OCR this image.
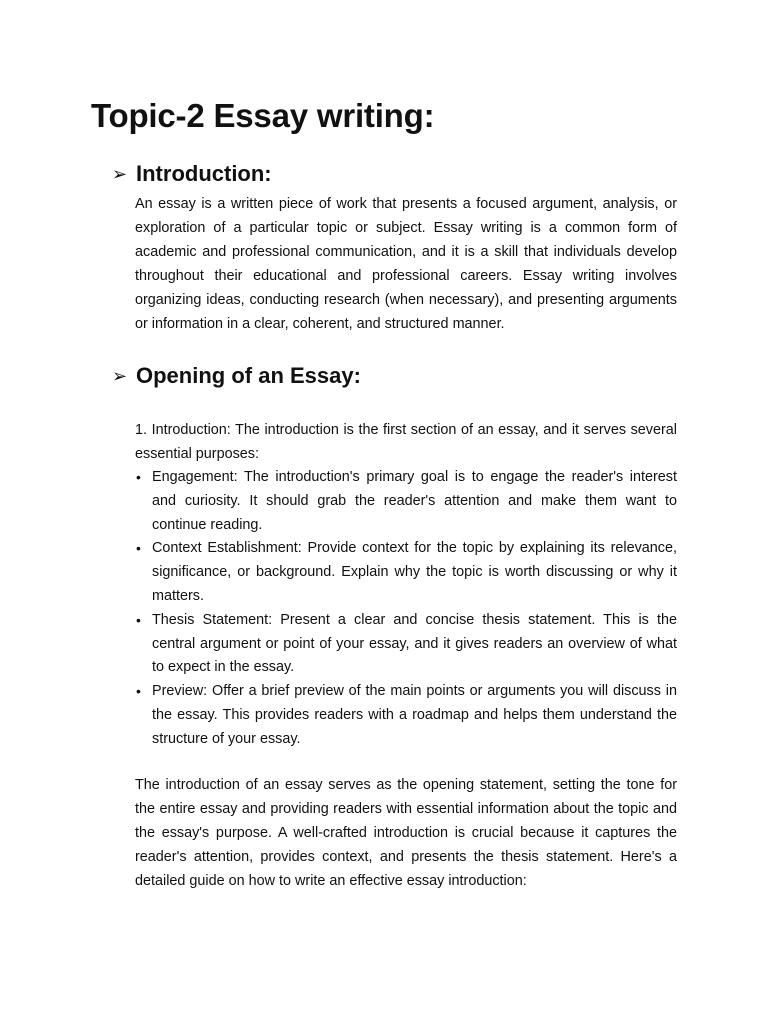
Topic-2 Essay writing:
➢ Introduction:

An essay is a written piece of work that presents a focused argument, analysis, or exploration of a particular topic or subject. Essay writing is a common form of academic and professional communication, and it is a skill that individuals develop throughout their educational and professional careers. Essay writing involves organizing ideas, conducting research (when necessary), and presenting arguments or information in a clear, coherent, and structured manner.

➢ Opening of an Essay:

1. Introduction: The introduction is the first section of an essay, and it serves several essential purposes:

• Engagement: The introduction's primary goal is to engage the reader's interest and curiosity. It should grab the reader's attention and make them want to continue reading.
• Context Establishment: Provide context for the topic by explaining its relevance, significance, or background. Explain why the topic is worth discussing or why it matters.
• Thesis Statement: Present a clear and concise thesis statement. This is the central argument or point of your essay, and it gives readers an overview of what to expect in the essay.
• Preview: Offer a brief preview of the main points or arguments you will discuss in the essay. This provides readers with a roadmap and helps them understand the structure of your essay.

The introduction of an essay serves as the opening statement, setting the tone for the entire essay and providing readers with essential information about the topic and the essay's purpose. A well-crafted introduction is crucial because it captures the reader's attention, provides context, and presents the thesis statement. Here's a detailed guide on how to write an effective essay introduction:
